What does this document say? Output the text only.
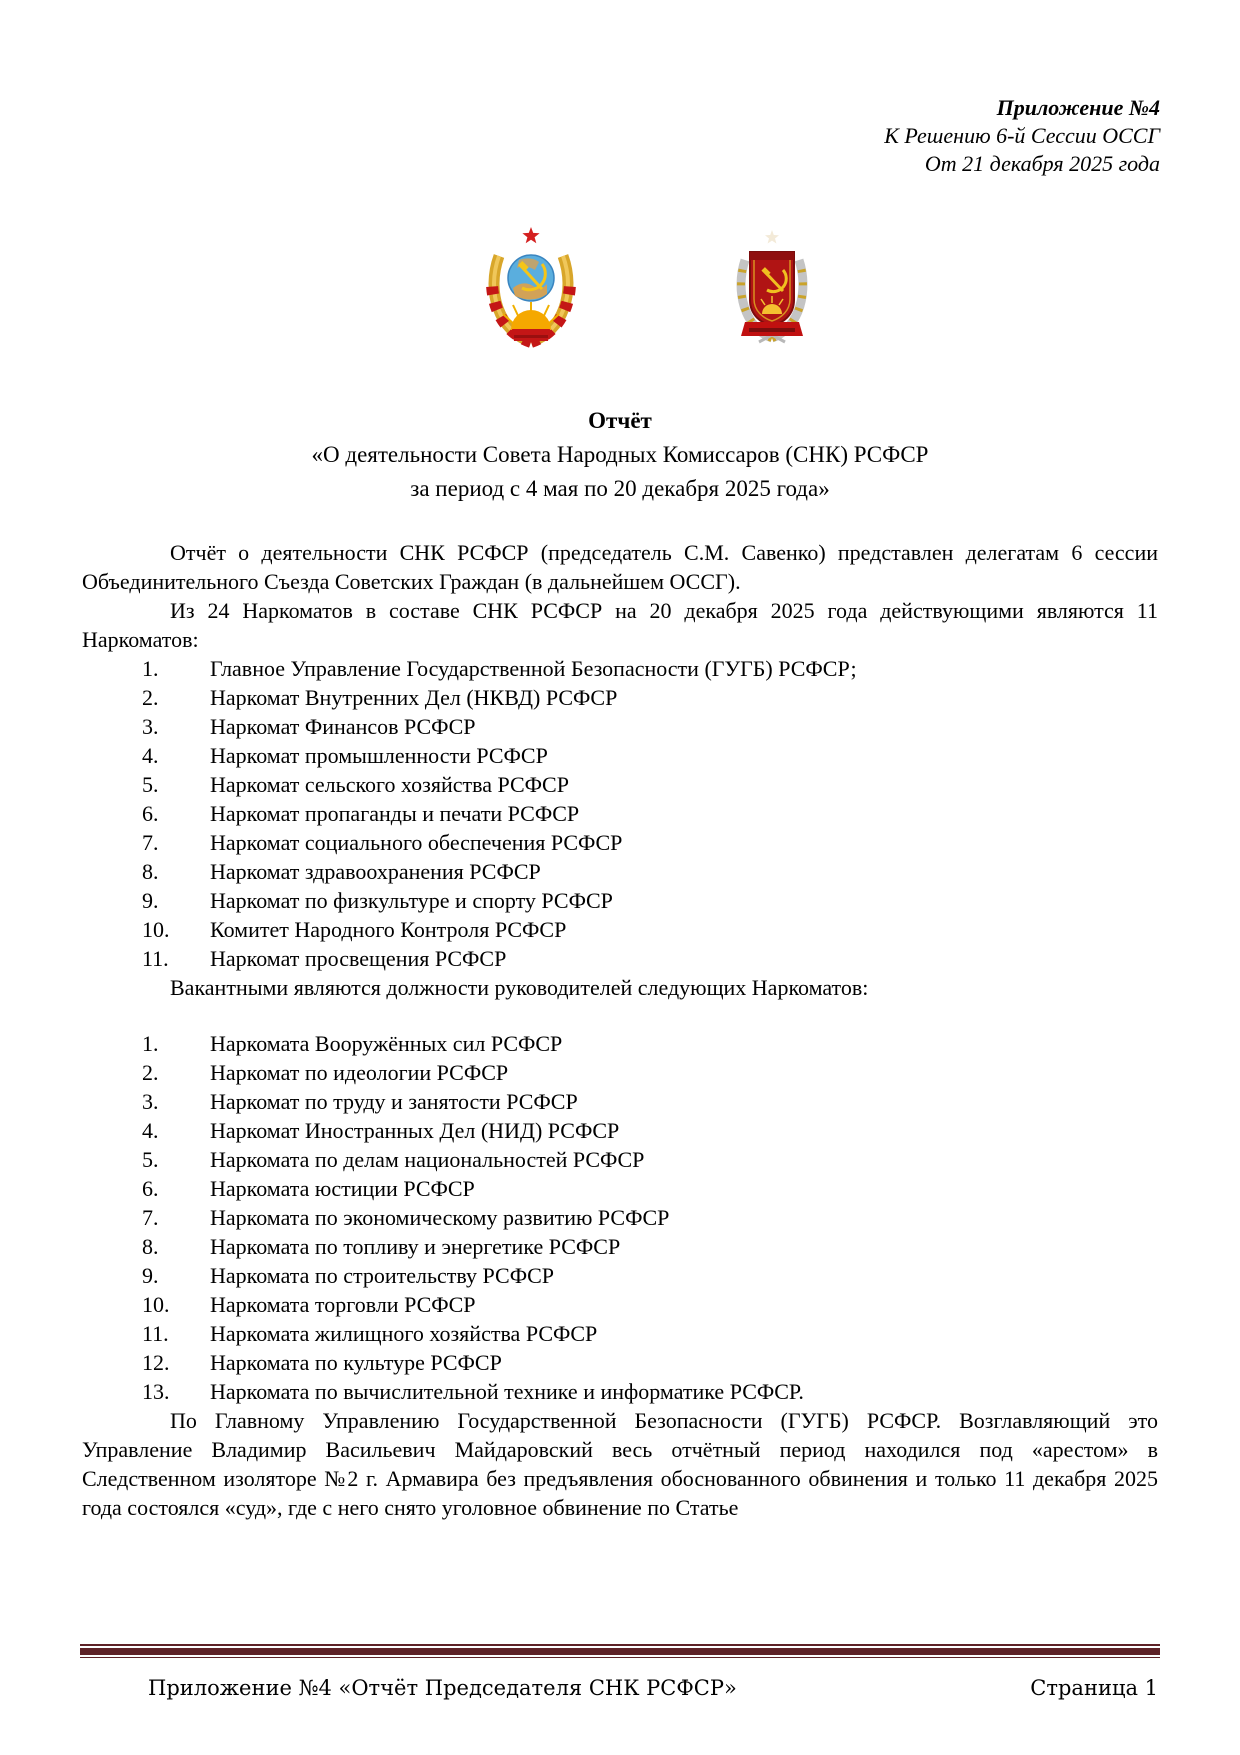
Приложение №4
К Решению 6-й Сессии ОССГ
От 21 декабря 2025 года
Отчёт
«О деятельности Совета Народных Комиссаров (СНК) РСФСР
за период с 4 мая по 20 декабря 2025 года»

Отчёт о деятельности СНК РСФСР (председатель С.М. Савенко) представлен делегатам 6 сессии Объединительного Съезда Советских Граждан (в дальнейшем ОССГ).

Из 24 Наркоматов в составе СНК РСФСР на 20 декабря 2025 года действующими являются 11 Наркоматов:

1. Главное Управление Государственной Безопасности (ГУГБ) РСФСР;
2. Наркомат Внутренних Дел (НКВД) РСФСР
3. Наркомат Финансов РСФСР
4. Наркомат промышленности РСФСР
5. Наркомат сельского хозяйства РСФСР
6. Наркомат пропаганды и печати РСФСР
7. Наркомат социального обеспечения РСФСР
8. Наркомат здравоохранения РСФСР
9. Наркомат по физкультуре и спорту РСФСР
10. Комитет Народного Контроля РСФСР
11. Наркомат просвещения РСФСР

Вакантными являются должности руководителей следующих Наркоматов:

1. Наркомата Вооружённых сил РСФСР
2. Наркомат по идеологии РСФСР
3. Наркомат по труду и занятости РСФСР
4. Наркомат Иностранных Дел (НИД) РСФСР
5. Наркомата по делам национальностей РСФСР
6. Наркомата юстиции РСФСР
7. Наркомата по экономическому развитию РСФСР
8. Наркомата по топливу и энергетике РСФСР
9. Наркомата по строительству РСФСР
10. Наркомата торговли РСФСР
11. Наркомата жилищного хозяйства РСФСР
12. Наркомата по культуре РСФСР
13. Наркомата по вычислительной технике и информатике РСФСР.

По Главному Управлению Государственной Безопасности (ГУГБ) РСФСР. Возглавляющий это Управление Владимир Васильевич Майдаровский весь отчётный период находился под «арестом» в Следственном изоляторе №2 г. Армавира без предъявления обоснованного обвинения и только 11 декабря 2025 года состоялся «суд», где с него снято уголовное обвинение по Статье

Приложение №4 «Отчёт Председателя СНК РСФСР»	Страница 1
